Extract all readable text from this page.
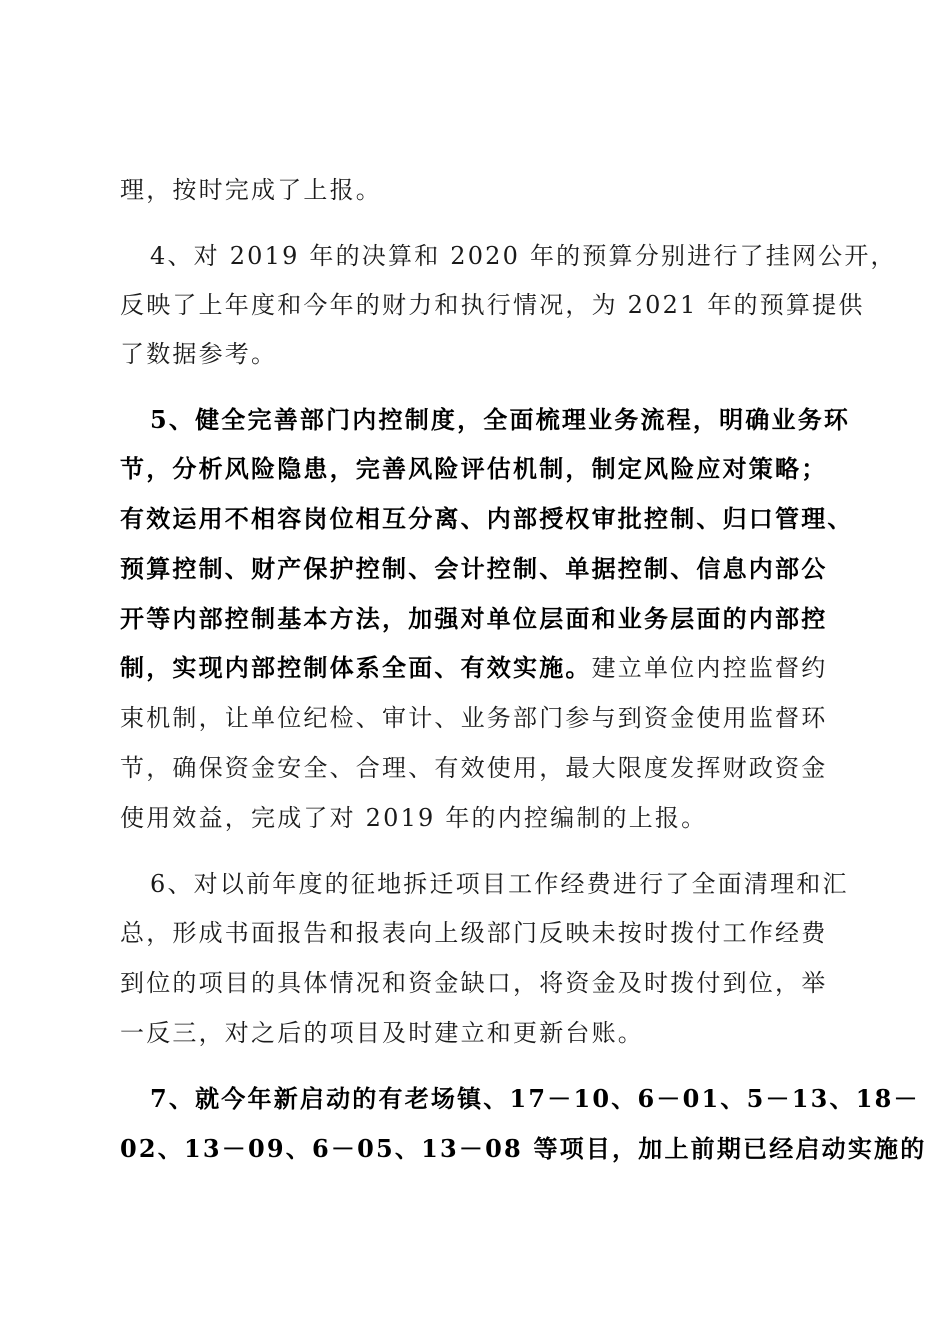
理，按时完成了上报。
4、对 2019 年的决算和 2020 年的预算分别进行了挂网公开，
反映了上年度和今年的财力和执行情况，为 2021 年的预算提供
了数据参考。
5、健全完善部门内控制度，全面梳理业务流程，明确业务环
节，分析风险隐患，完善风险评估机制，制定风险应对策略；
有效运用不相容岗位相互分离、内部授权审批控制、归口管理、
预算控制、财产保护控制、会计控制、单据控制、信息内部公
开等内部控制基本方法，加强对单位层面和业务层面的内部控
制，实现内部控制体系全面、有效实施。建立单位内控监督约
束机制，让单位纪检、审计、业务部门参与到资金使用监督环
节，确保资金安全、合理、有效使用，最大限度发挥财政资金
使用效益，完成了对 2019 年的内控编制的上报。
6、对以前年度的征地拆迁项目工作经费进行了全面清理和汇
总，形成书面报告和报表向上级部门反映未按时拨付工作经费
到位的项目的具体情况和资金缺口，将资金及时拨付到位，举
一反三，对之后的项目及时建立和更新台账。
7、就今年新启动的有老场镇、17－10、6－01、5－13、18－
02、13－09、6－05、13－08 等项目，加上前期已经启动实施的
